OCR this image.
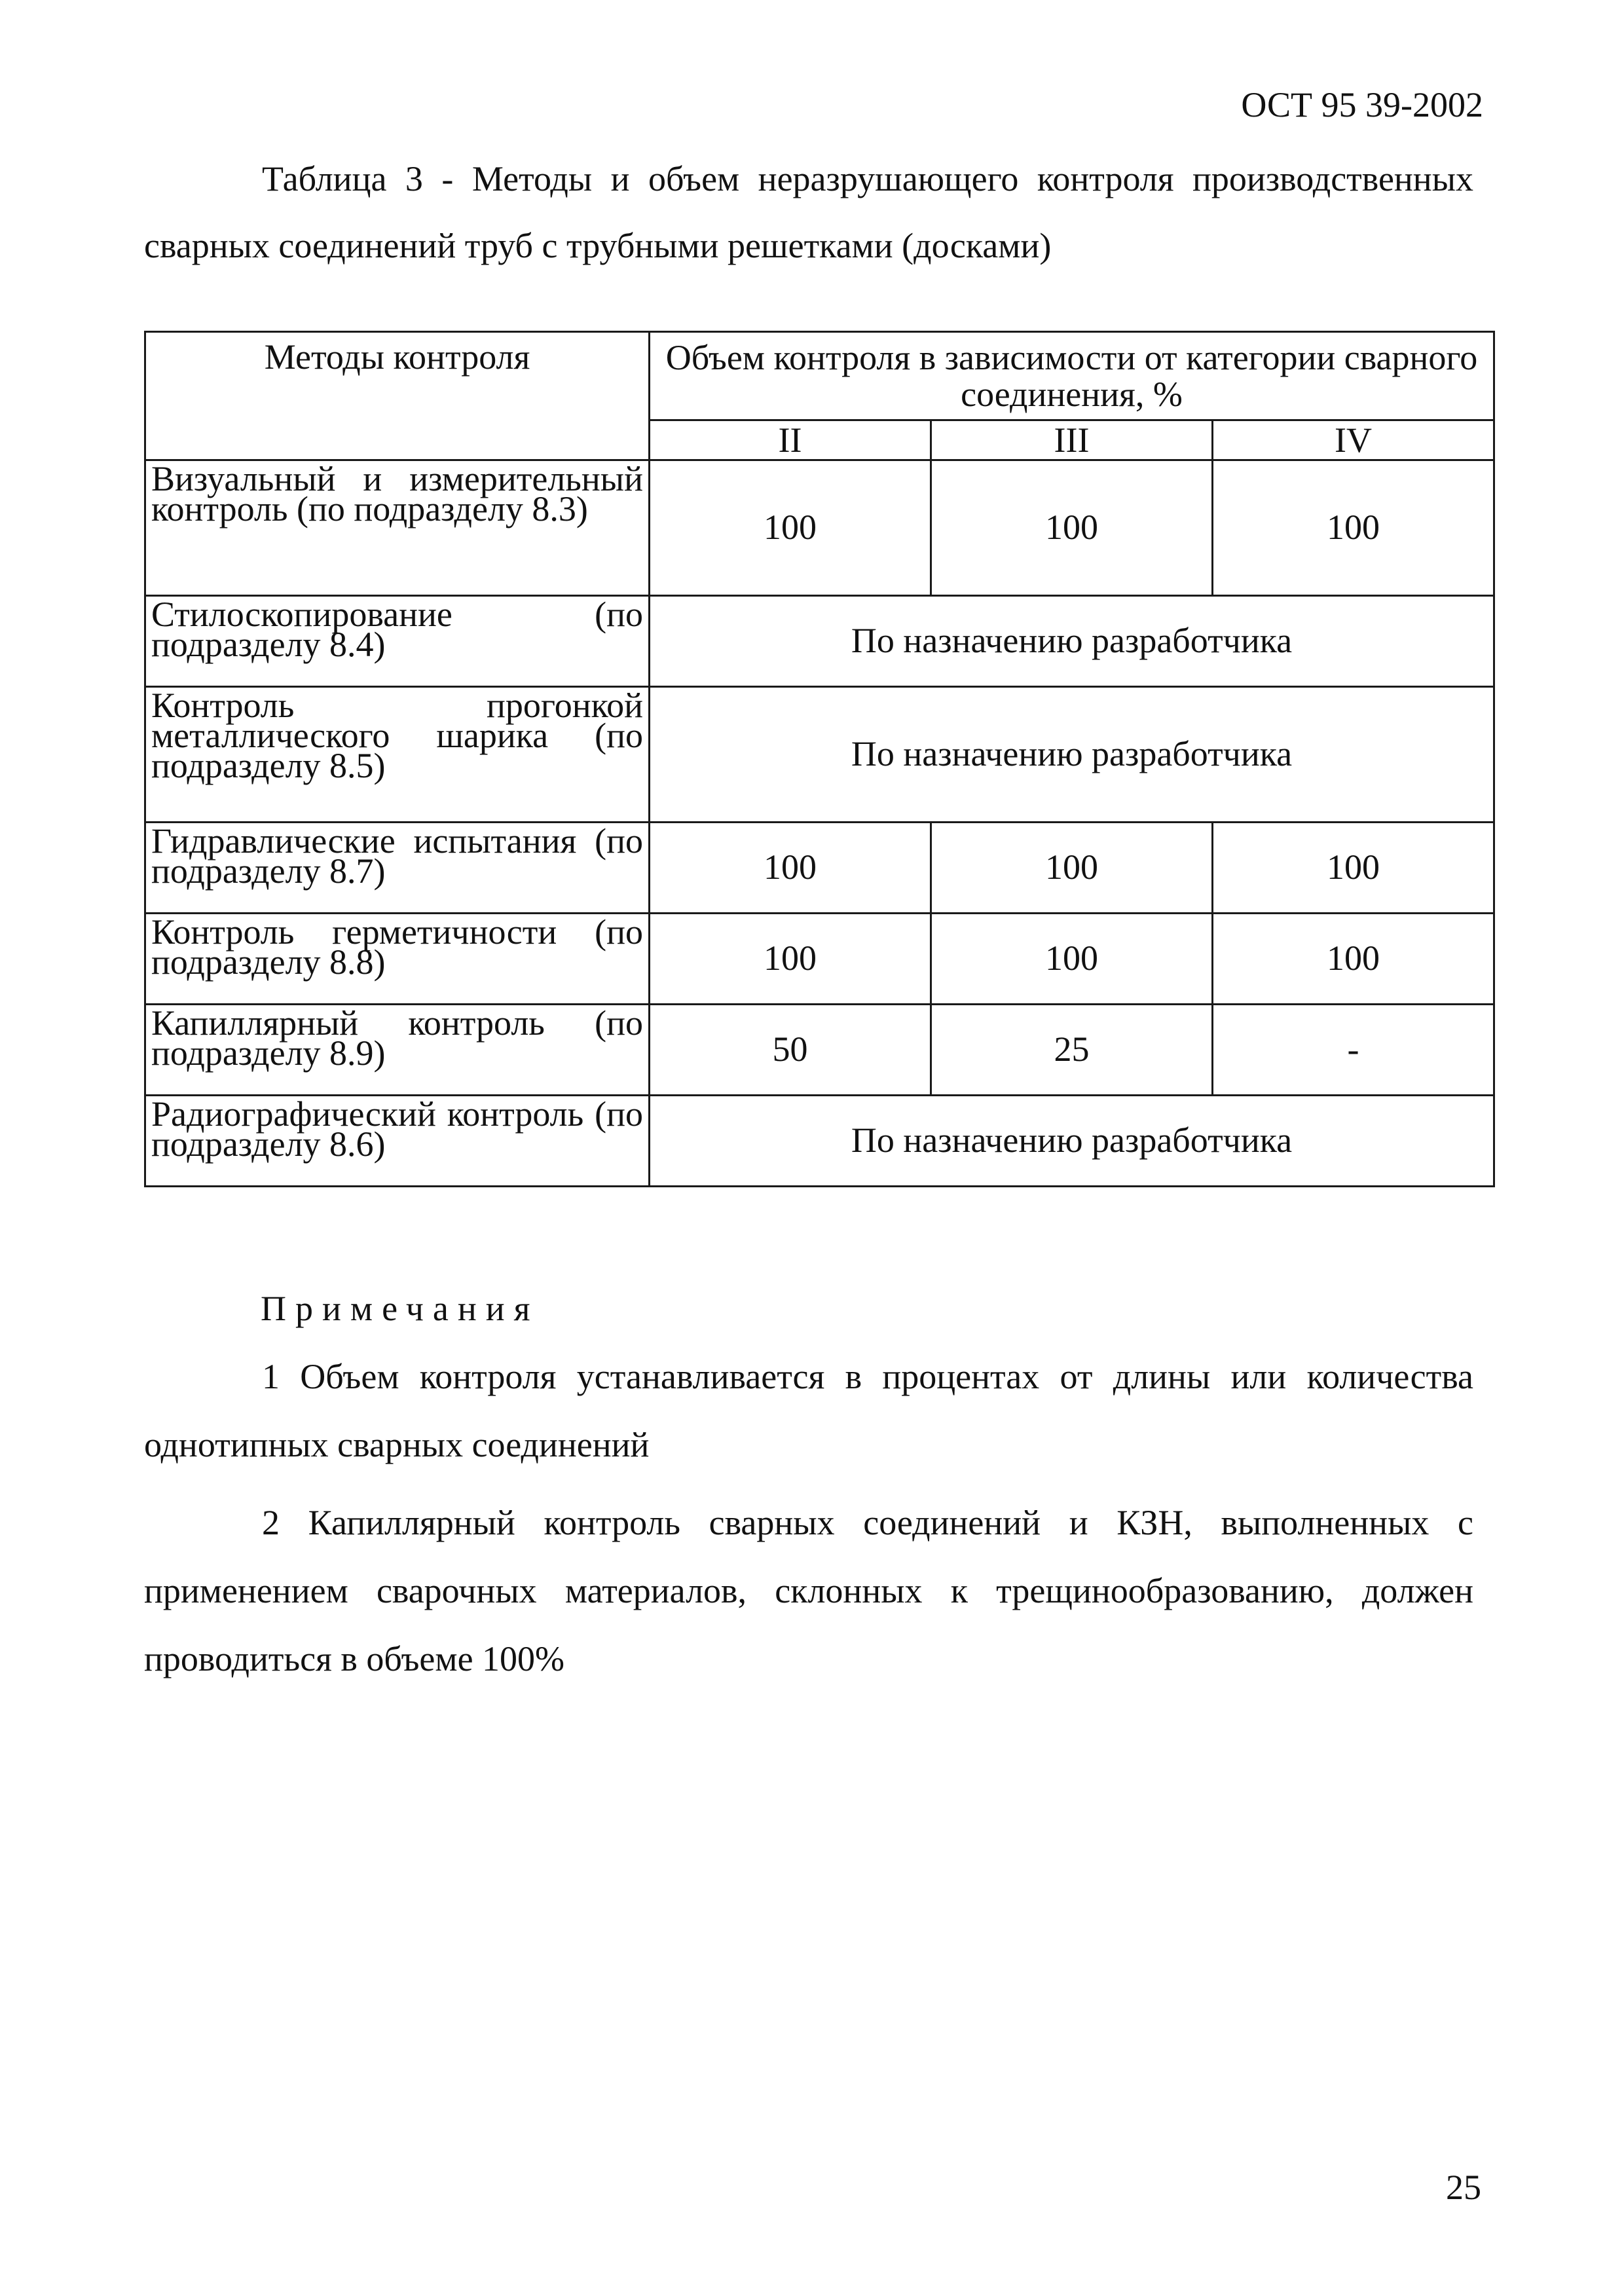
ОСТ 95 39-2002
Таблица 3 - Методы и объем неразрушающего контроля производственных сварных соединений труб с трубными решетками (досками)
Методы контроля	Объем контроля в зависимости от категории сварного соединения, %		
	II	III	IV
Визуальный и измерительный контроль (по подразделу 8.3)	100	100	100
Стилоскопирование (по подразделу 8.4)	По назначению разработчика		
Контроль прогонкой металлического шарика (по подразделу 8.5)	По назначению разработчика		
Гидравлические испытания (по подразделу 8.7)	100	100	100
Контроль герметичности (по подразделу 8.8)	100	100	100
Капиллярный контроль (по подразделу 8.9)	50	25	-
Радиографический контроль (по подразделу 8.6)	По назначению разработчика		
Примечания

1 Объем контроля устанавливается в процентах от длины или количества однотипных сварных соединений

2 Капиллярный контроль сварных соединений и КЗН, выполненных с применением сварочных материалов, склонных к трещинообразованию, должен проводиться в объеме 100%

25
